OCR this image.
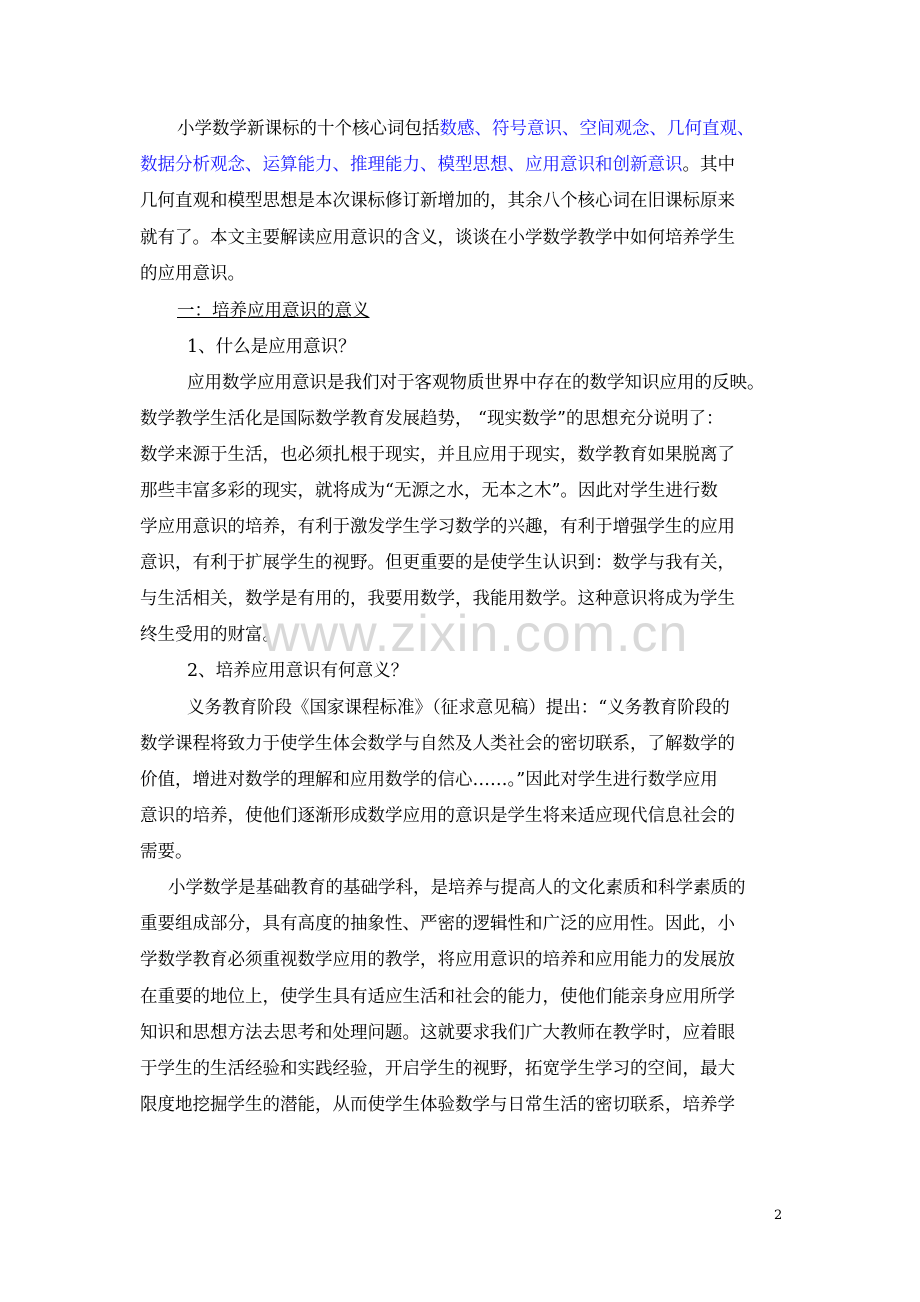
小学数学新课标的十个核心词包括数感、符号意识、空间观念、几何直观、
数据分析观念、运算能力、推理能力、模型思想、应用意识和创新意识。其中
几何直观和模型思想是本次课标修订新增加的，其余八个核心词在旧课标原来
就有了。本文主要解读应用意识的含义，谈谈在小学数学教学中如何培养学生
的应用意识。
一：培养应用意识的意义
1、什么是应用意识？
应用数学应用意识是我们对于客观物质世界中存在的数学知识应用的反映。
数学教学生活化是国际数学教育发展趋势， “现实数学”的思想充分说明了：
数学来源于生活，也必须扎根于现实，并且应用于现实，数学教育如果脱离了
那些丰富多彩的现实，就将成为“无源之水，无本之木”。因此对学生进行数
学应用意识的培养，有利于激发学生学习数学的兴趣，有利于增强学生的应用
意识，有利于扩展学生的视野。但更重要的是使学生认识到：数学与我有关，
与生活相关，数学是有用的，我要用数学，我能用数学。这种意识将成为学生
终生受用的财富。
www.zixin.com.cn
2、培养应用意识有何意义？
义务教育阶段《国家课程标准》（征求意见稿）提出：“义务教育阶段的
数学课程将致力于使学生体会数学与自然及人类社会的密切联系，了解数学的
价值，增进对数学的理解和应用数学的信心……。”因此对学生进行数学应用
意识的培养，使他们逐渐形成数学应用的意识是学生将来适应现代信息社会的
需要。
小学数学是基础教育的基础学科，是培养与提高人的文化素质和科学素质的
重要组成部分，具有高度的抽象性、严密的逻辑性和广泛的应用性。因此，小
学数学教育必须重视数学应用的教学，将应用意识的培养和应用能力的发展放
在重要的地位上，使学生具有适应生活和社会的能力，使他们能亲身应用所学
知识和思想方法去思考和处理问题。这就要求我们广大教师在教学时，应着眼
于学生的生活经验和实践经验，开启学生的视野，拓宽学生学习的空间，最大
限度地挖掘学生的潜能，从而使学生体验数学与日常生活的密切联系，培养学
2
